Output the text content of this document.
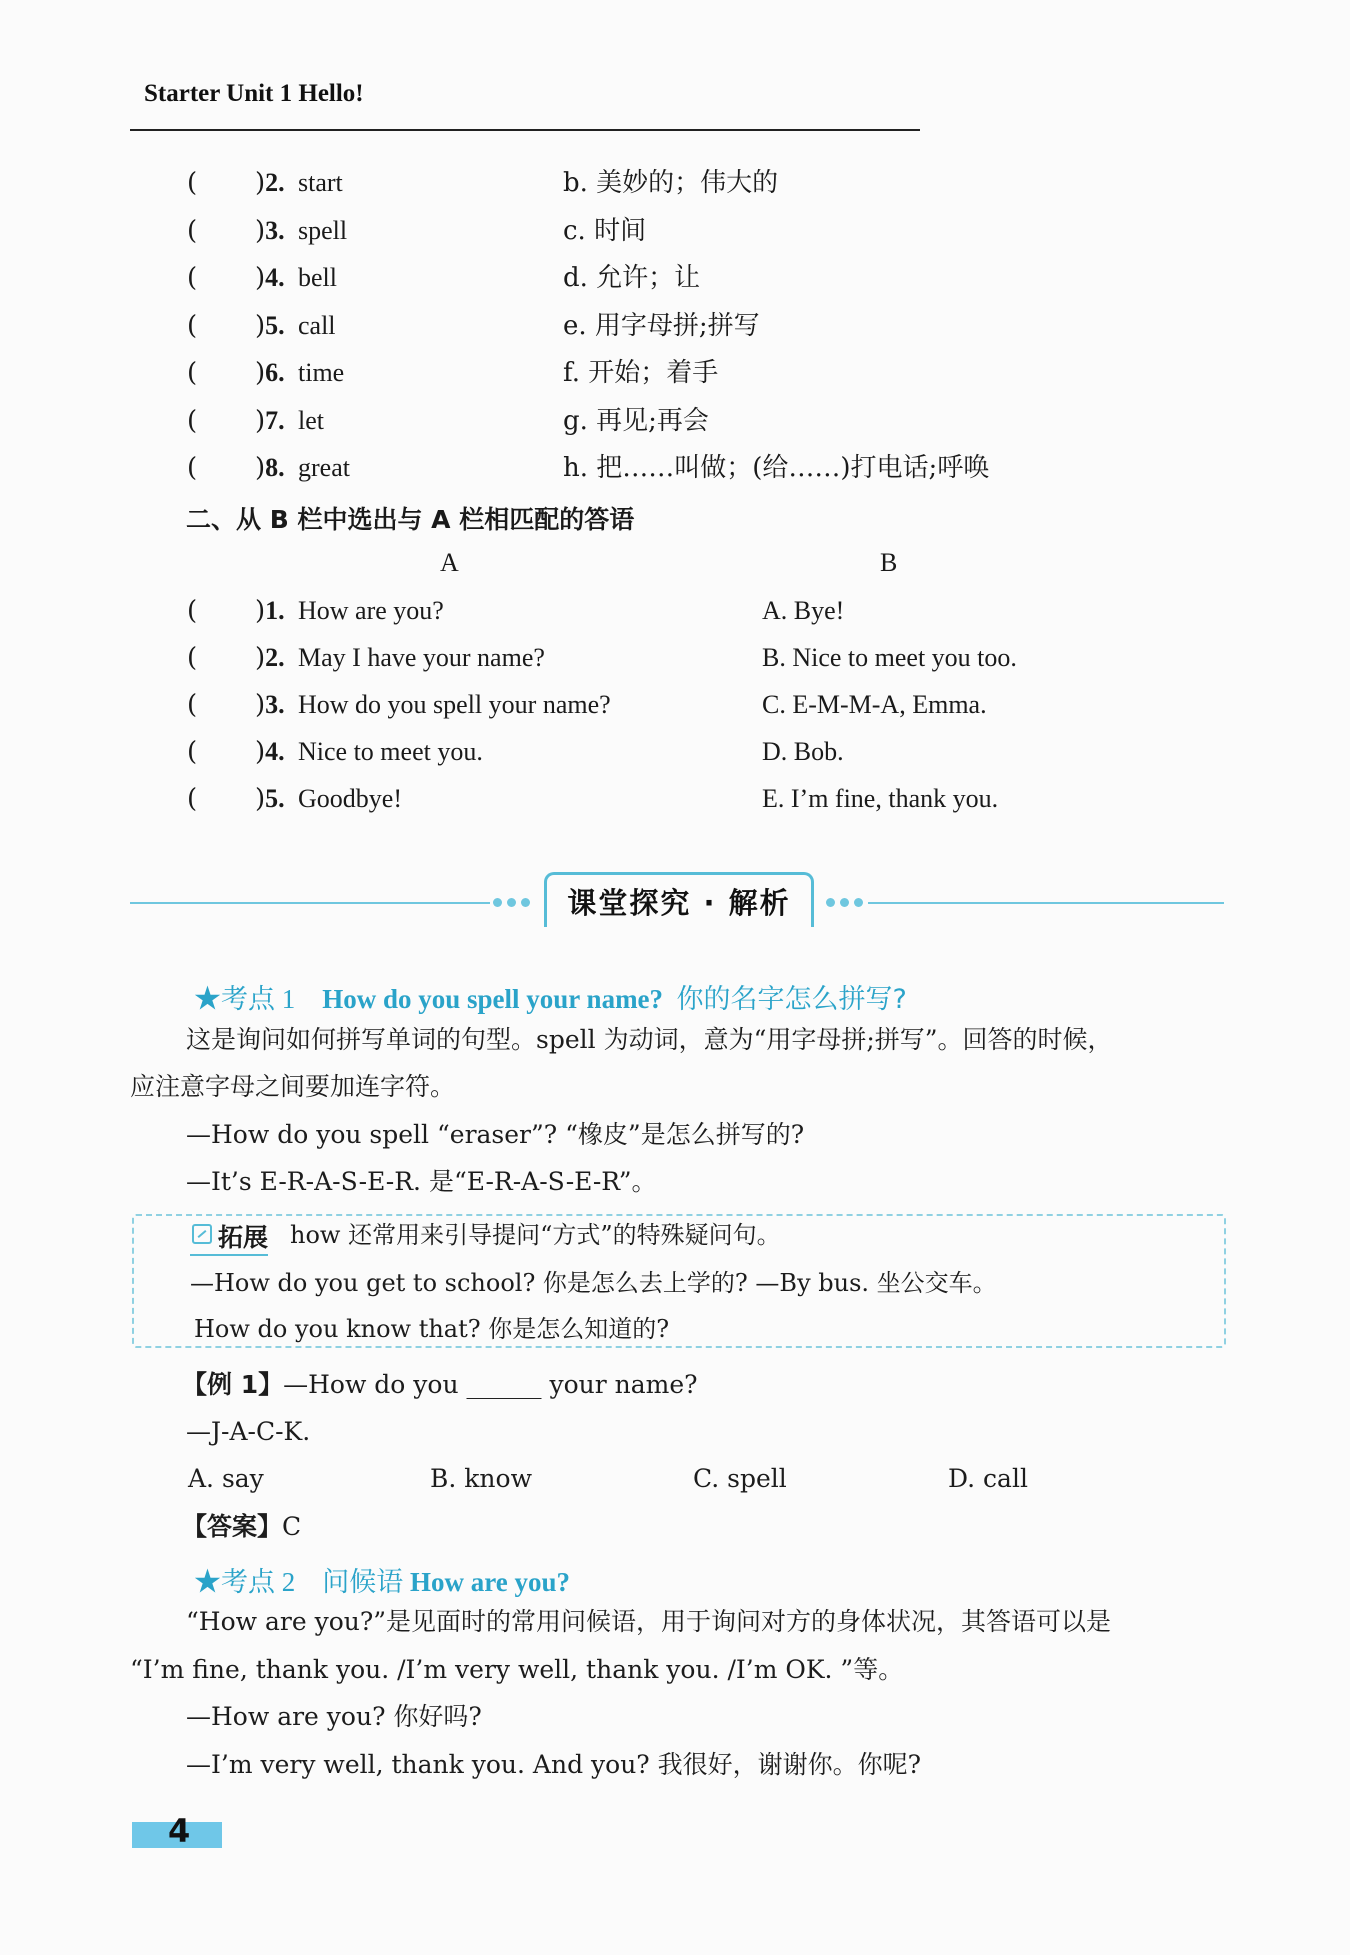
Starter Unit 1 Hello!
( )2. start	b. 美妙的；伟大的
( )3. spell	c. 时间
( )4. bell	d. 允许；让
( )5. call	e. 用字母拼;拼写
( )6. time	f. 开始；着手
( )7. let	g. 再见;再会
( )8. great	h. 把……叫做；(给……)打电话;呼唤
二、从 B 栏中选出与 A 栏相匹配的答语
A	B
( )1. How are you?	A. Bye!
( )2. May I have your name?	B. Nice to meet you too.
( )3. How do you spell your name?	C. E-M-M-A, Emma.
( )4. Nice to meet you.	D. Bob.
( )5. Goodbye!	E. I’m fine, thank you.
课堂探究 · 解析
★考点 1 How do you spell your name? 你的名字怎么拼写?
这是询问如何拼写单词的句型。spell 为动词，意为“用字母拼;拼写”。回答的时候，
应注意字母之间要加连字符。
—How do you spell “eraser”? “橡皮”是怎么拼写的?
—It’s E-R-A-S-E-R. 是“E-R-A-S-E-R”。
拓展 how 还常用来引导提问“方式”的特殊疑问句。
—How do you get to school? 你是怎么去上学的? —By bus. 坐公交车。
How do you know that? 你是怎么知道的?
【例 1】—How do you ______ your name?
—J-A-C-K.
A. say	B. know	C. spell	D. call
【答案】C
★考点 2 问候语 How are you?
“How are you?”是见面时的常用问候语，用于询问对方的身体状况，其答语可以是
“I’m fine, thank you. /I’m very well, thank you. /I’m OK. ”等。
—How are you? 你好吗?
—I’m very well, thank you. And you? 我很好，谢谢你。你呢?
4
